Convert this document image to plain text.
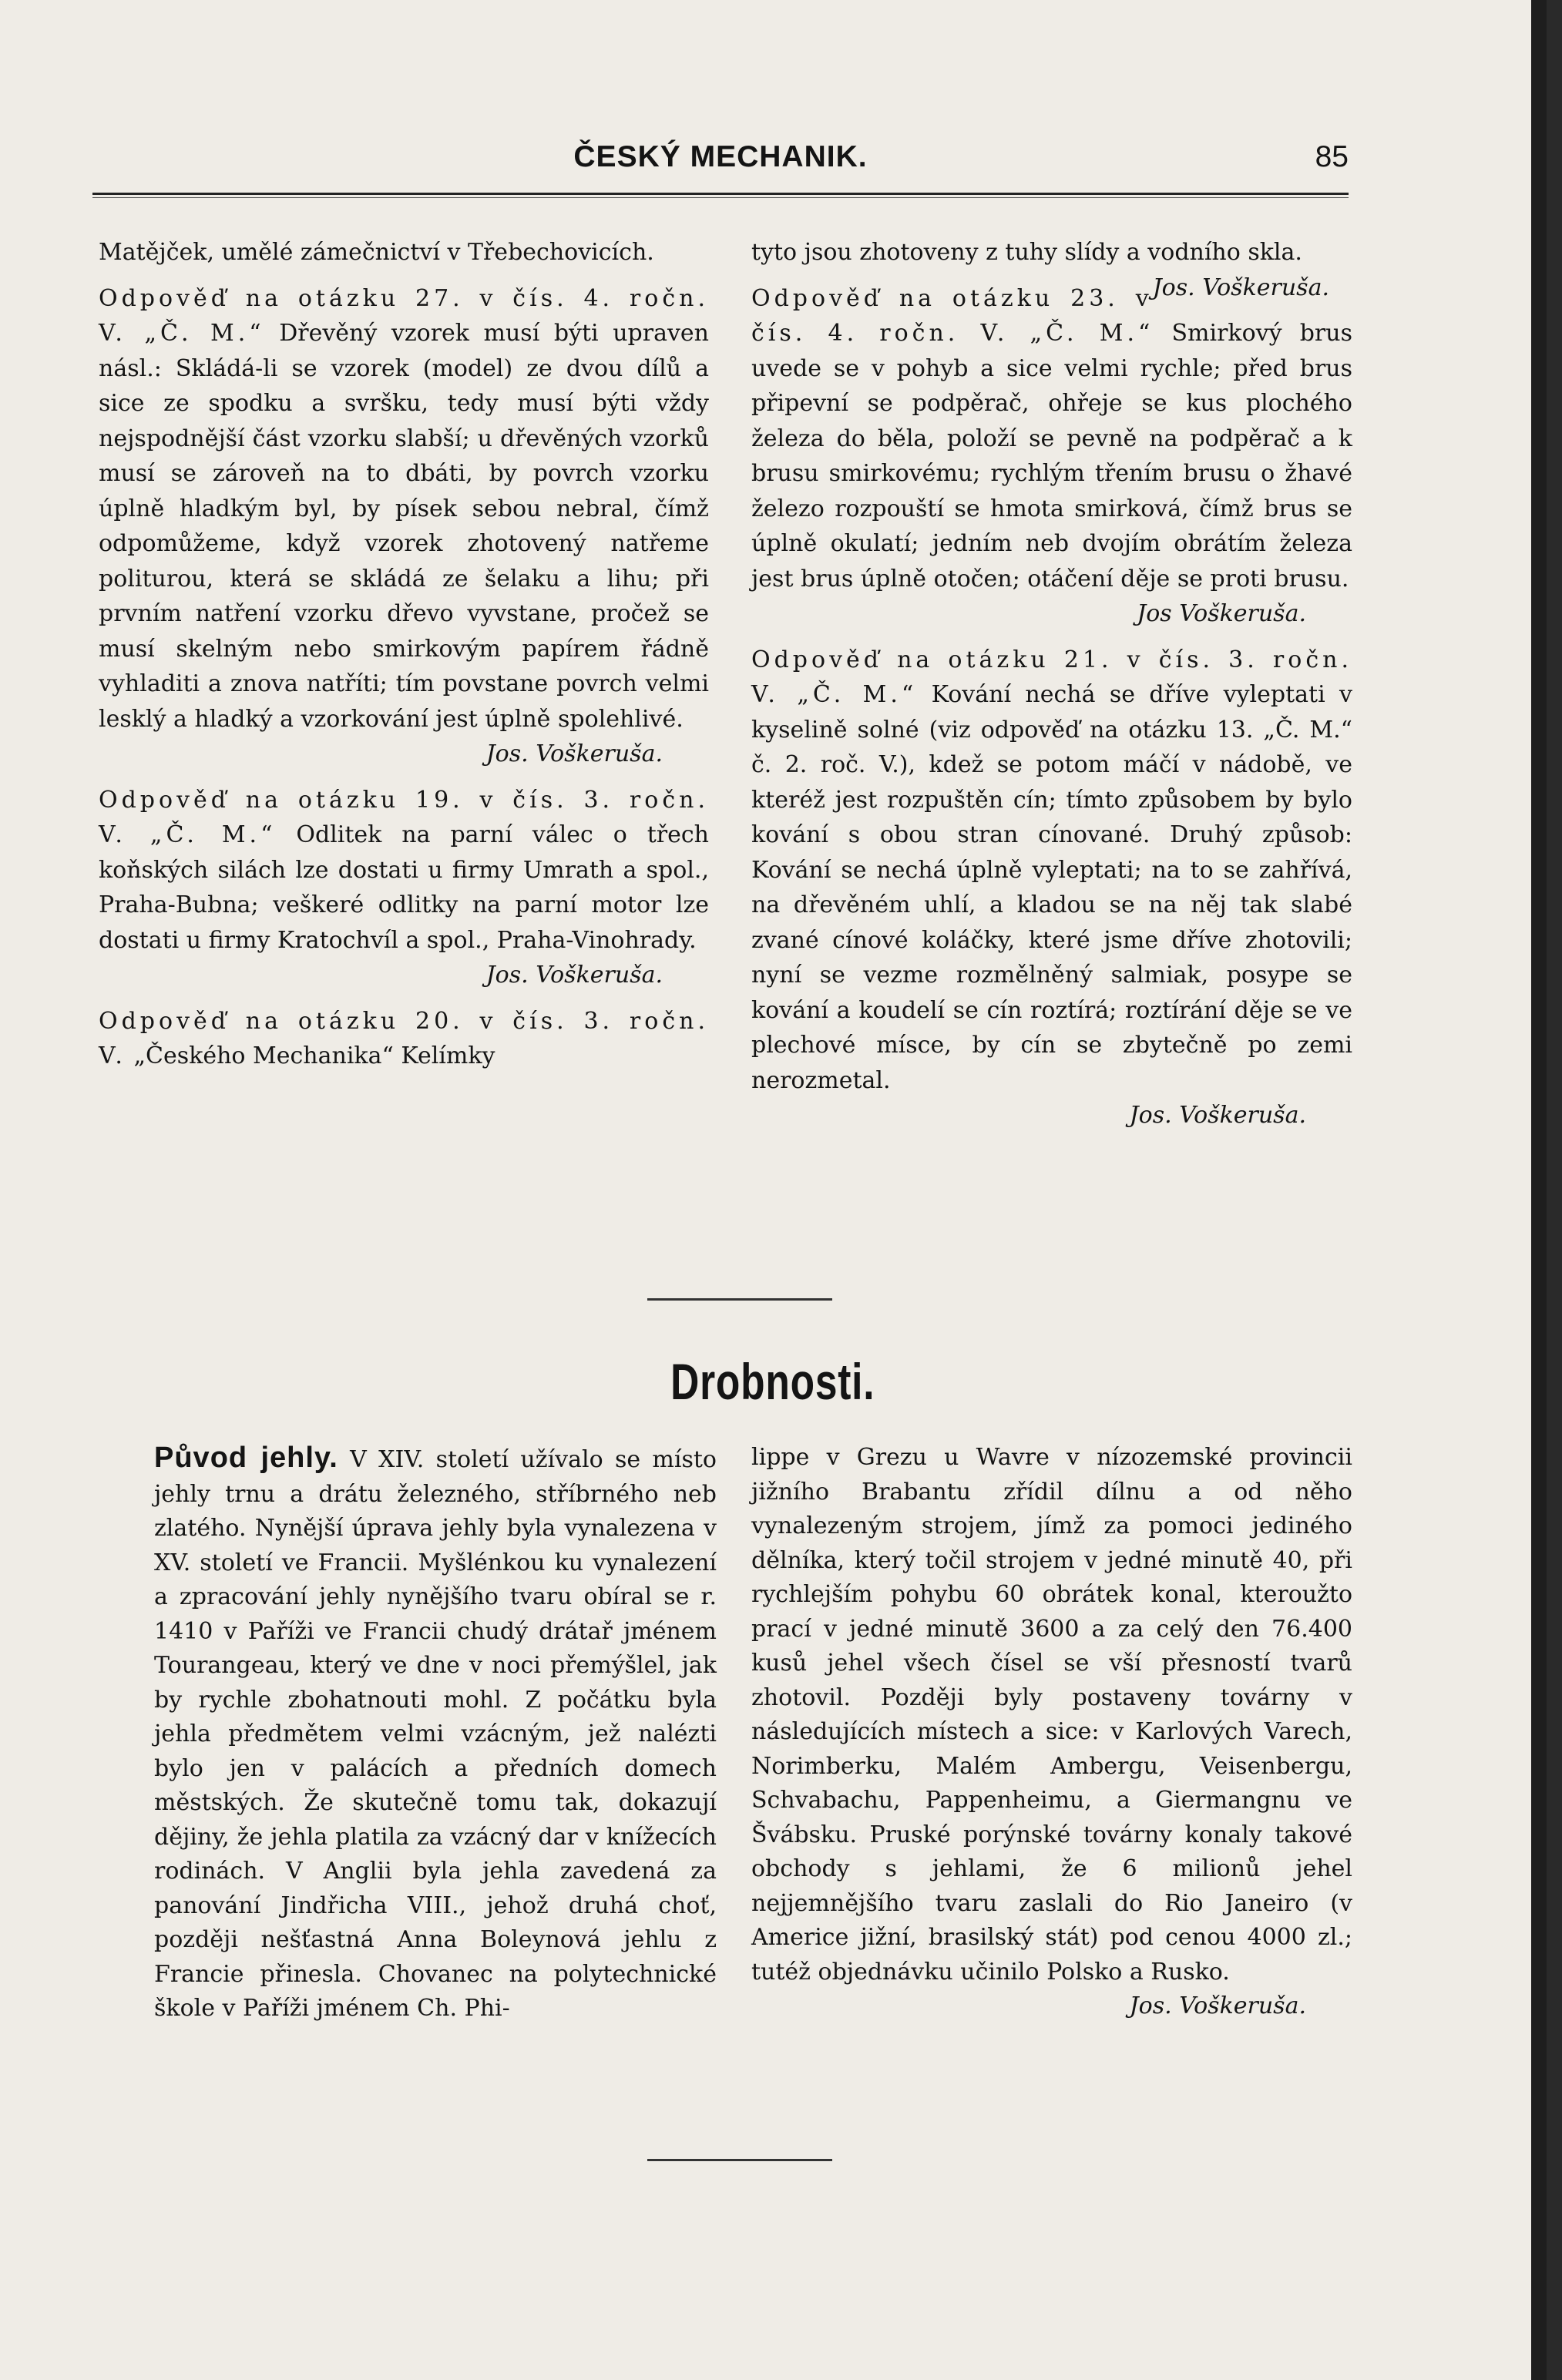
ČESKÝ MECHANIK.	85

Matějček, umělé zámečnictví v Třebechovicích.

Odpověď na otázku 27. v čís. 4. ročn. V. „Č. M.“ Dřevěný vzorek musí býti upraven násl.: Skládá-li se vzorek (model) ze dvou dílů a sice ze spodku a svršku, tedy musí býti vždy nejspodnější část vzorku slabší; u dřevěných vzorků musí se zároveň na to dbáti, by povrch vzorku úplně hladkým byl, by písek sebou nebral, čímž odpomůžeme, když vzorek zhotovený natřeme politurou, která se skládá ze šelaku a lihu; při prvním natření vzorku dřevo vyvstane, pročež se musí skelným nebo smirkovým papírem řádně vyhladiti a znova natříti; tím povstane povrch velmi lesklý a hladký a vzorkování jest úplně spolehlivé.
Jos. Voškeruša.

Odpověď na otázku 19. v čís. 3. ročn. V. „Č. M.“ Odlitek na parní válec o třech koňských silách lze dostati u firmy Umrath a spol., Praha-Bubna; veškeré odlitky na parní motor lze dostati u firmy Kratochvíl a spol., Praha-Vinohrady.
Jos. Voškeruša.

Odpověď na otázku 20. v čís. 3. ročn. V. „Českého Mechanika“ Kelímky

tyto jsou zhotoveny z tuhy slídy a vodního skla.
Jos. Voškeruša.

Odpověď na otázku 23. v čís. 4. ročn. V. „Č. M.“ Smirkový brus uvede se v pohyb a sice velmi rychle; před brus připevní se podpěrač, ohřeje se kus plochého železa do běla, položí se pevně na podpěrač a k brusu smirkovému; rychlým třením brusu o žhavé železo rozpouští se hmota smirková, čímž brus se úplně okulatí; jedním neb dvojím obrátím železa jest brus úplně otočen; otáčení děje se proti brusu.
Jos Voškeruša.

Odpověď na otázku 21. v čís. 3. ročn. V. „Č. M.“ Kování nechá se dříve vyleptati v kyselině solné (viz odpověď na otázku 13. „Č. M.“ č. 2. roč. V.), kdež se potom máčí v nádobě, ve kteréž jest rozpuštěn cín; tímto způsobem by bylo kování s obou stran cínované. Druhý způsob: Kování se nechá úplně vyleptati; na to se zahřívá, na dřevěném uhlí, a kladou se na něj tak slabé zvané cínové koláčky, které jsme dříve zhotovili; nyní se vezme rozmělněný salmiak, posype se kování a koudelí se cín roztírá; roztírání děje se ve plechové mísce, by cín se zbytečně po zemi nerozmetal.
Jos. Voškeruša.

Drobnosti.

Původ jehly. V XIV. století užívalo se místo jehly trnu a drátu železného, stříbrného neb zlatého. Nynější úprava jehly byla vynalezena v XV. století ve Francii. Myšlénkou ku vynalezení a zpracování jehly nynějšího tvaru obíral se r. 1410 v Paříži ve Francii chudý drátař jménem Tourangeau, který ve dne v noci přemýšlel, jak by rychle zbohatnouti mohl. Z počátku byla jehla předmětem velmi vzácným, jež nalézti bylo jen v palácích a předních domech městských. Že skutečně tomu tak, dokazují dějiny, že jehla platila za vzácný dar v knížecích rodinách. V Anglii byla jehla zavedená za panování Jindřicha VIII., jehož druhá choť, později nešťastná Anna Boleynová jehlu z Francie přinesla. Chovanec na polytechnické škole v Paříži jménem Ch. Phi-

lippe v Grezu u Wavre v nízozemské provincii jižního Brabantu zřídil dílnu a od něho vynalezeným strojem, jímž za pomoci jediného dělníka, který točil strojem v jedné minutě 40, při rychlejším pohybu 60 obrátek konal, kteroužto prací v jedné minutě 3600 a za celý den 76.400 kusů jehel všech čísel se vší přesností tvarů zhotovil. Později byly postaveny továrny v následujících místech a sice: v Karlových Varech, Norimberku, Malém Ambergu, Veisenbergu, Schvabachu, Pappenheimu, a Giermangnu ve Švábsku. Pruské porýnské továrny konaly takové obchody s jehlami, že 6 milionů jehel nejjemnějšího tvaru zaslali do Rio Janeiro (v Americe jižní, brasilský stát) pod cenou 4000 zl.; tutéž objednávku učinilo Polsko a Rusko.
Jos. Voškeruša.
